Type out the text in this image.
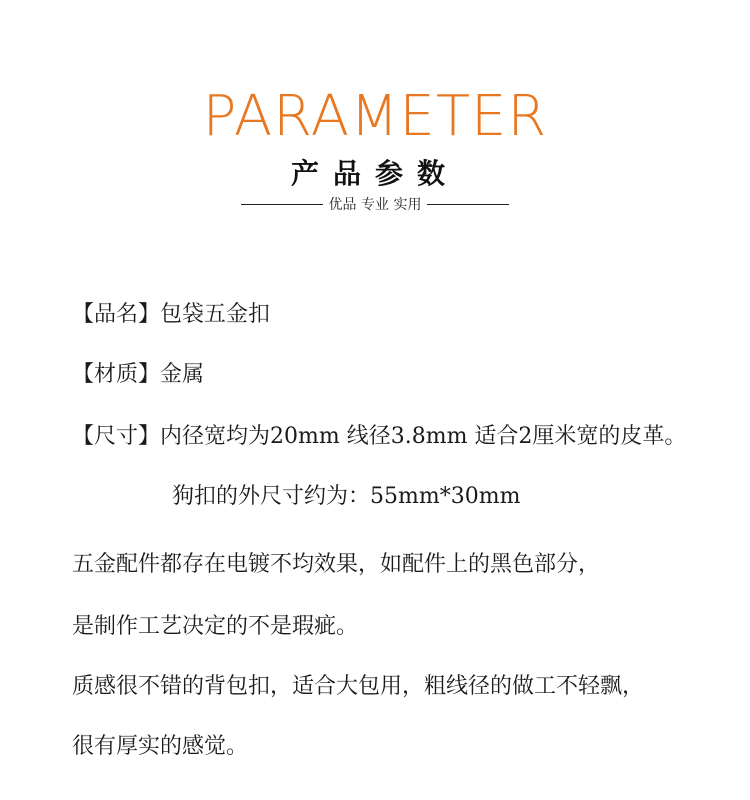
PARAMETER
产品参数
优品 专业 实用
【品名】包袋五金扣
【材质】金属
【尺寸】内径宽均为20mm 线径3.8mm 适合2厘米宽的皮革。
狗扣的外尺寸约为：55mm*30mm
五金配件都存在电镀不均效果，如配件上的黑色部分，
是制作工艺决定的不是瑕疵。
质感很不错的背包扣，适合大包用，粗线径的做工不轻飘，
很有厚实的感觉。
